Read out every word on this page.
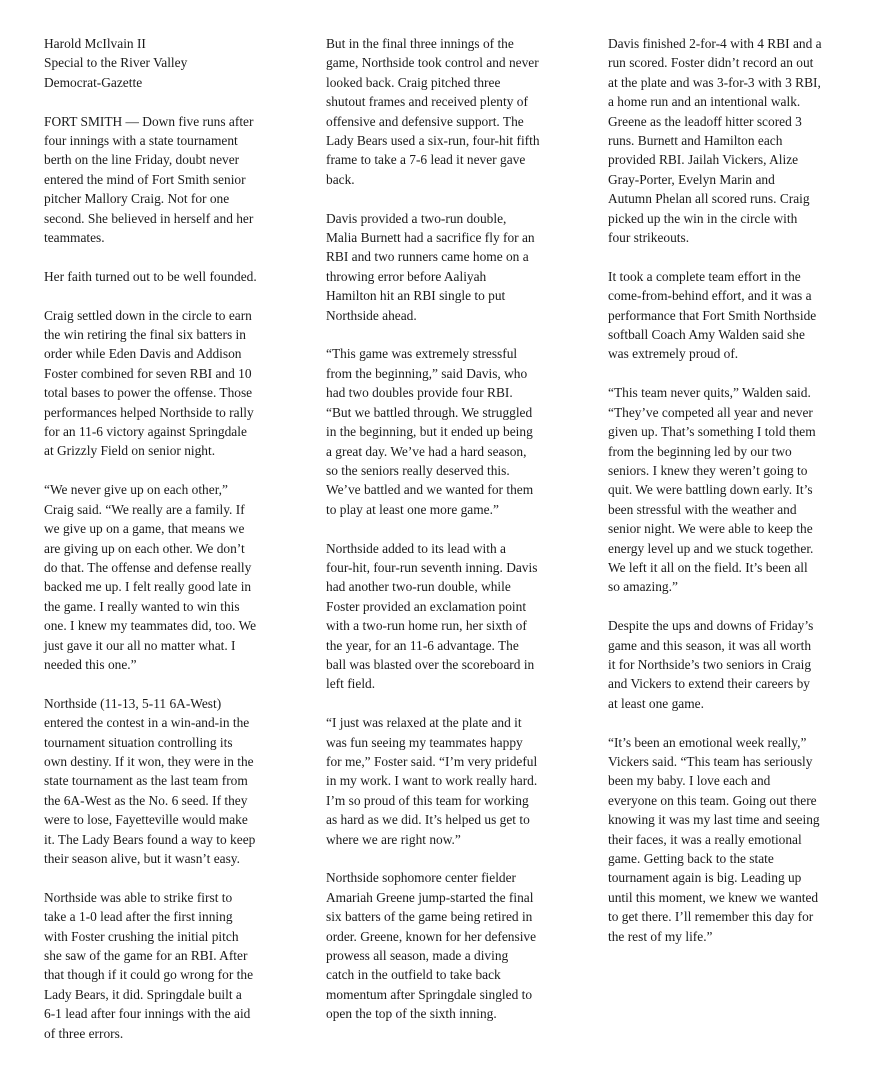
Harold McIlvain II
Special to the River Valley
Democrat-Gazette

FORT SMITH — Down five runs after
four innings with a state tournament
berth on the line Friday, doubt never
entered the mind of Fort Smith senior
pitcher Mallory Craig. Not for one
second. She believed in herself and her
teammates.

Her faith turned out to be well founded.

Craig settled down in the circle to earn
the win retiring the final six batters in
order while Eden Davis and Addison
Foster combined for seven RBI and 10
total bases to power the offense. Those
performances helped Northside to rally
for an 11-6 victory against Springdale
at Grizzly Field on senior night.

“We never give up on each other,”
Craig said. “We really are a family. If
we give up on a game, that means we
are giving up on each other. We don’t
do that. The offense and defense really
backed me up. I felt really good late in
the game. I really wanted to win this
one. I knew my teammates did, too. We
just gave it our all no matter what. I
needed this one.”

Northside (11-13, 5-11 6A-West)
entered the contest in a win-and-in the
tournament situation controlling its
own destiny. If it won, they were in the
state tournament as the last team from
the 6A-West as the No. 6 seed. If they
were to lose, Fayetteville would make
it. The Lady Bears found a way to keep
their season alive, but it wasn’t easy.

Northside was able to strike first to
take a 1-0 lead after the first inning
with Foster crushing the initial pitch
she saw of the game for an RBI. After
that though if it could go wrong for the
Lady Bears, it did. Springdale built a
6-1 lead after four innings with the aid
of three errors.

But in the final three innings of the
game, Northside took control and never
looked back. Craig pitched three
shutout frames and received plenty of
offensive and defensive support. The
Lady Bears used a six-run, four-hit fifth
frame to take a 7-6 lead it never gave
back.

Davis provided a two-run double,
Malia Burnett had a sacrifice fly for an
RBI and two runners came home on a
throwing error before Aaliyah
Hamilton hit an RBI single to put
Northside ahead.

“This game was extremely stressful
from the beginning,” said Davis, who
had two doubles provide four RBI.
“But we battled through. We struggled
in the beginning, but it ended up being
a great day. We’ve had a hard season,
so the seniors really deserved this.
We’ve battled and we wanted for them
to play at least one more game.”

Northside added to its lead with a
four-hit, four-run seventh inning. Davis
had another two-run double, while
Foster provided an exclamation point
with a two-run home run, her sixth of
the year, for an 11-6 advantage. The
ball was blasted over the scoreboard in
left field.

“I just was relaxed at the plate and it
was fun seeing my teammates happy
for me,” Foster said. “I’m very prideful
in my work. I want to work really hard.
I’m so proud of this team for working
as hard as we did. It’s helped us get to
where we are right now.”

Northside sophomore center fielder
Amariah Greene jump-started the final
six batters of the game being retired in
order. Greene, known for her defensive
prowess all season, made a diving
catch in the outfield to take back
momentum after Springdale singled to
open the top of the sixth inning.

Davis finished 2-for-4 with 4 RBI and a
run scored. Foster didn’t record an out
at the plate and was 3-for-3 with 3 RBI,
a home run and an intentional walk.
Greene as the leadoff hitter scored 3
runs. Burnett and Hamilton each
provided RBI. Jailah Vickers, Alize
Gray-Porter, Evelyn Marin and
Autumn Phelan all scored runs. Craig
picked up the win in the circle with
four strikeouts.

It took a complete team effort in the
come-from-behind effort, and it was a
performance that Fort Smith Northside
softball Coach Amy Walden said she
was extremely proud of.

“This team never quits,” Walden said.
“They’ve competed all year and never
given up. That’s something I told them
from the beginning led by our two
seniors. I knew they weren’t going to
quit. We were battling down early. It’s
been stressful with the weather and
senior night. We were able to keep the
energy level up and we stuck together.
We left it all on the field. It’s been all
so amazing.”

Despite the ups and downs of Friday’s
game and this season, it was all worth
it for Northside’s two seniors in Craig
and Vickers to extend their careers by
at least one game.

“It’s been an emotional week really,”
Vickers said. “This team has seriously
been my baby. I love each and
everyone on this team. Going out there
knowing it was my last time and seeing
their faces, it was a really emotional
game. Getting back to the state
tournament again is big. Leading up
until this moment, we knew we wanted
to get there. I’ll remember this day for
the rest of my life.”
